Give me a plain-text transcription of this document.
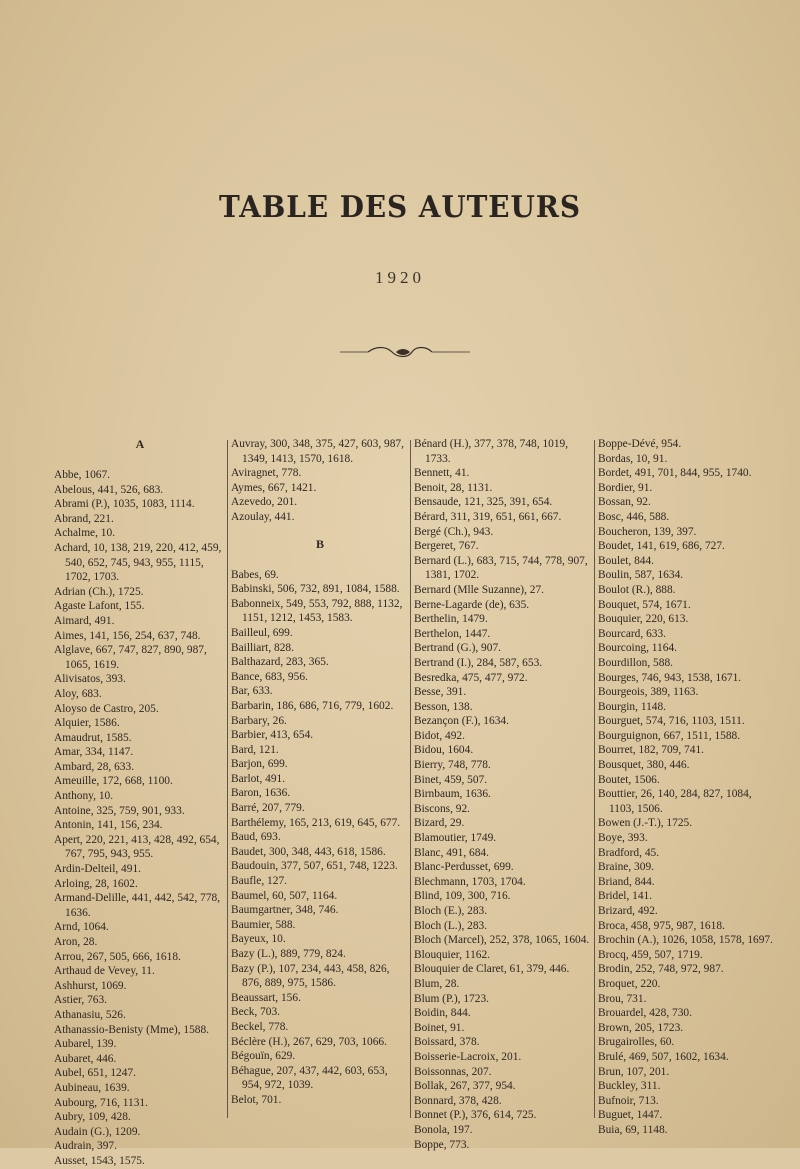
TABLE DES AUTEURS
1920
A
Abbe, 1067.
Abelous, 441, 526, 683.
Abrami (P.), 1035, 1083, 1114.
Abrand, 221.
Achalme, 10.
Achard, 10, 138, 219, 220, 412, 459, 540, 652, 745, 943, 955, 1115, 1702, 1703.
Adrian (Ch.), 1725.
Agaste Lafont, 155.
Aimard, 491.
Aimes, 141, 156, 254, 637, 748.
Alglave, 667, 747, 827, 890, 987, 1065, 1619.
Alivisatos, 393.
Aloy, 683.
Aloyso de Castro, 205.
Alquier, 1586.
Amaudrut, 1585.
Amar, 334, 1147.
Ambard, 28, 633.
Ameuille, 172, 668, 1100.
Anthony, 10.
Antoine, 325, 759, 901, 933.
Antonin, 141, 156, 234.
Apert, 220, 221, 413, 428, 492, 654, 767, 795, 943, 955.
Ardin-Delteil, 491.
Arloing, 28, 1602.
Armand-Delille, 441, 442, 542, 778, 1636.
Arnd, 1064.
Aron, 28.
Arrou, 267, 505, 666, 1618.
Arthaud de Vevey, 11.
Ashhurst, 1069.
Astier, 763.
Athanasiu, 526.
Athanassio-Benisty (Mme), 1588.
Aubarel, 139.
Aubaret, 446.
Aubel, 651, 1247.
Aubineau, 1639.
Aubourg, 716, 1131.
Aubry, 109, 428.
Audain (G.), 1209.
Audrain, 397.
Ausset, 1543, 1575.
Auvray, 300, 348, 375, 427, 603, 987, 1349, 1413, 1570, 1618.
Aviragnet, 778.
Aymes, 667, 1421.
Azevedo, 201.
Azoulay, 441.
B
Babes, 69.
Babinski, 506, 732, 891, 1084, 1588.
Babonneix, 549, 553, 792, 888, 1132, 1151, 1212, 1453, 1583.
Bailleul, 699.
Bailliart, 828.
Balthazard, 283, 365.
Bance, 683, 956.
Bar, 633.
Barbarin, 186, 686, 716, 779, 1602.
Barbary, 26.
Barbier, 413, 654.
Bard, 121.
Barjon, 699.
Barlot, 491.
Baron, 1636.
Barré, 207, 779.
Barthélemy, 165, 213, 619, 645, 677.
Baud, 693.
Baudet, 300, 348, 443, 618, 1586.
Baudouin, 377, 507, 651, 748, 1223.
Baufle, 127.
Baumel, 60, 507, 1164.
Baumgartner, 348, 746.
Baumier, 588.
Bayeux, 10.
Bazy (L.), 889, 779, 824.
Bazy (P.), 107, 234, 443, 458, 826, 876, 889, 975, 1586.
Beaussart, 156.
Beck, 703.
Beckel, 778.
Béclère (H.), 267, 629, 703, 1066.
Bégouïn, 629.
Béhague, 207, 437, 442, 603, 653, 954, 972, 1039.
Belot, 701.
Bénard (H.), 377, 378, 748, 1019, 1733.
Bennett, 41.
Benoit, 28, 1131.
Bensaude, 121, 325, 391, 654.
Bérard, 311, 319, 651, 661, 667.
Bergé (Ch.), 943.
Bergeret, 767.
Bernard (L.), 683, 715, 744, 778, 907, 1381, 1702.
Bernard (Mlle Suzanne), 27.
Berne-Lagarde (de), 635.
Berthelin, 1479.
Berthelon, 1447.
Bertrand (G.), 907.
Bertrand (I.), 284, 587, 653.
Besredka, 475, 477, 972.
Besse, 391.
Besson, 138.
Bezançon (F.), 1634.
Bidot, 492.
Bidou, 1604.
Bierry, 748, 778.
Binet, 459, 507.
Birnbaum, 1636.
Biscons, 92.
Bizard, 29.
Blamoutier, 1749.
Blanc, 491, 684.
Blanc-Perdusset, 699.
Blechmann, 1703, 1704.
Blind, 109, 300, 716.
Bloch (E.), 283.
Bloch (L.), 283.
Bloch (Marcel), 252, 378, 1065, 1604.
Blouquier, 1162.
Blouquier de Claret, 61, 379, 446.
Blum, 28.
Blum (P.), 1723.
Boidin, 844.
Boinet, 91.
Boissard, 378.
Boisserie-Lacroix, 201.
Boissonnas, 207.
Bollak, 267, 377, 954.
Bonnard, 378, 428.
Bonnet (P.), 376, 614, 725.
Bonola, 197.
Boppe, 773.
Boppe-Dévé, 954.
Bordas, 10, 91.
Bordet, 491, 701, 844, 955, 1740.
Bordier, 91.
Bossan, 92.
Bosc, 446, 588.
Boucheron, 139, 397.
Boudet, 141, 619, 686, 727.
Boulet, 844.
Boulin, 587, 1634.
Boulot (R.), 888.
Bouquet, 574, 1671.
Bouquier, 220, 613.
Bourcard, 633.
Bourcoing, 1164.
Bourdillon, 588.
Bourges, 746, 943, 1538, 1671.
Bourgeois, 389, 1163.
Bourgin, 1148.
Bourguet, 574, 716, 1103, 1511.
Bourguignon, 667, 1511, 1588.
Bourret, 182, 709, 741.
Bousquet, 380, 446.
Boutet, 1506.
Bouttier, 26, 140, 284, 827, 1084, 1103, 1506.
Bowen (J.-T.), 1725.
Boye, 393.
Bradford, 45.
Braine, 309.
Briand, 844.
Bridel, 141.
Brizard, 492.
Broca, 458, 975, 987, 1618.
Brochin (A.), 1026, 1058, 1578, 1697.
Brocq, 459, 507, 1719.
Brodin, 252, 748, 972, 987.
Broquet, 220.
Brou, 731.
Brouardel, 428, 730.
Brown, 205, 1723.
Brugairolles, 60.
Brulé, 469, 507, 1602, 1634.
Brun, 107, 201.
Buckley, 311.
Bufnoir, 713.
Buguet, 1447.
Buia, 69, 1148.
